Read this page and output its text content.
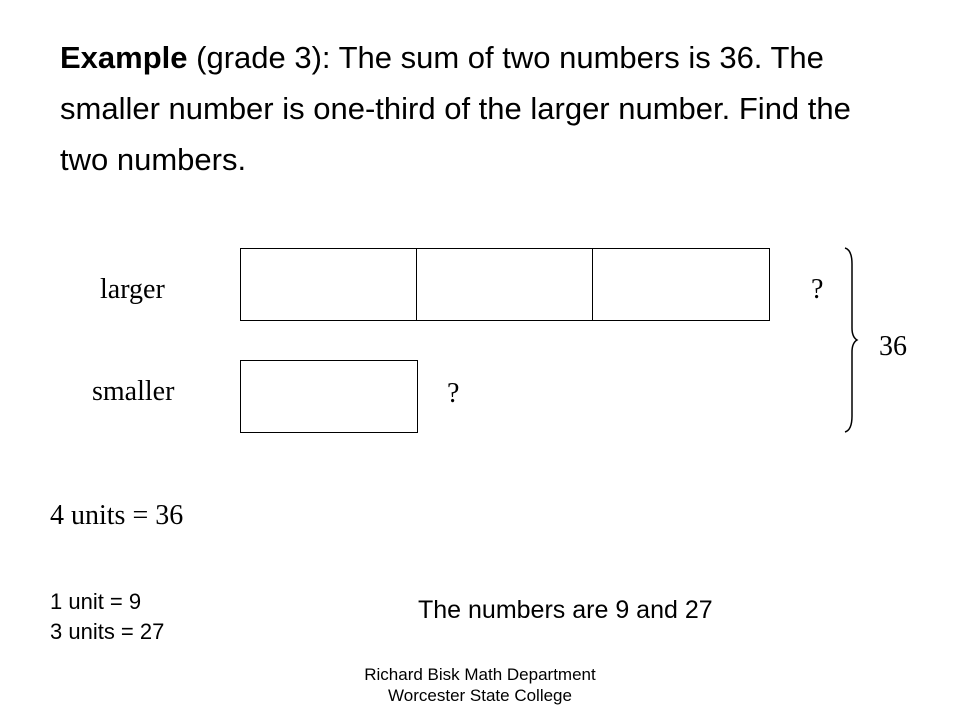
Example (grade 3): The sum of two numbers is 36. The smaller number is one-third of the larger number. Find the two numbers.
larger	?
smaller	?
36
4 units = 36
1 unit = 9
3 units = 27
The numbers are 9 and 27
Richard Bisk Math Department
Worcester State College
